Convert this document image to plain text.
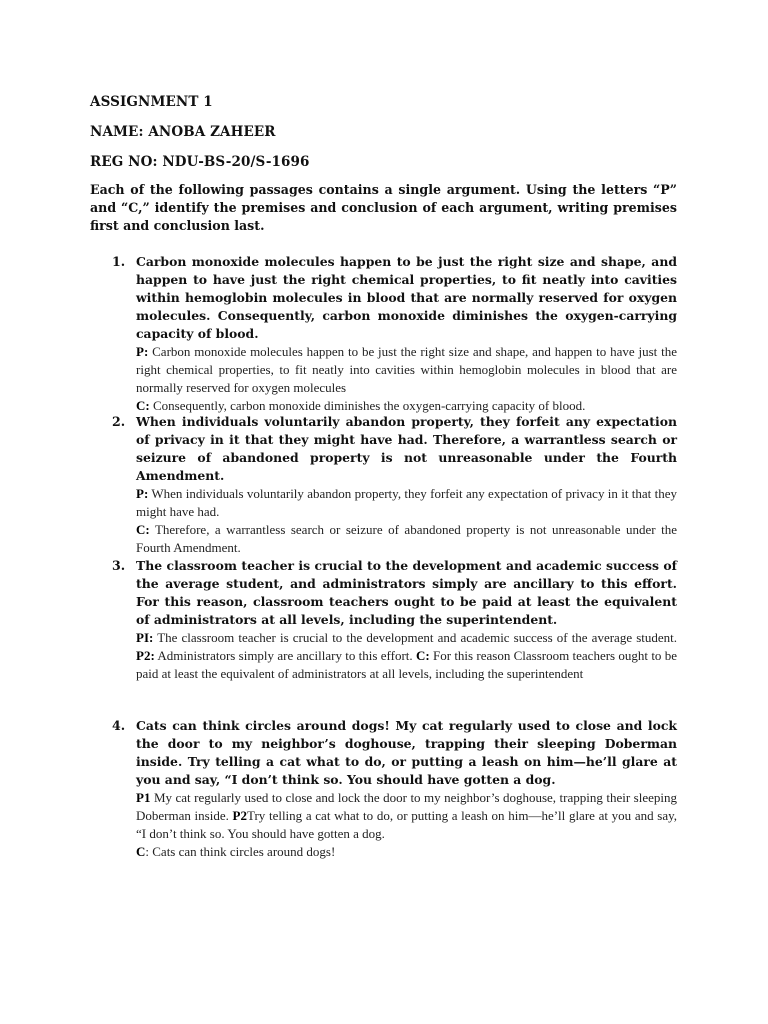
ASSIGNMENT 1
NAME: ANOBA ZAHEER
REG NO: NDU-BS-20/S-1696
Each of the following passages contains a single argument. Using the letters “P” and “C,” identify the premises and conclusion of each argument, writing premises first and conclusion last.
1. Carbon monoxide molecules happen to be just the right size and shape, and happen to have just the right chemical properties, to fit neatly into cavities within hemoglobin molecules in blood that are normally reserved for oxygen molecules. Consequently, carbon monoxide diminishes the oxygen-carrying capacity of blood.
P: Carbon monoxide molecules happen to be just the right size and shape, and happen to have just the right chemical properties, to fit neatly into cavities within hemoglobin molecules in blood that are normally reserved for oxygen molecules
C: Consequently, carbon monoxide diminishes the oxygen-carrying capacity of blood.
2. When individuals voluntarily abandon property, they forfeit any expectation of privacy in it that they might have had. Therefore, a warrantless search or seizure of abandoned property is not unreasonable under the Fourth Amendment.
P: When individuals voluntarily abandon property, they forfeit any expectation of privacy in it that they might have had.
C: Therefore, a warrantless search or seizure of abandoned property is not unreasonable under the Fourth Amendment.
3. The classroom teacher is crucial to the development and academic success of the average student, and administrators simply are ancillary to this effort. For this reason, classroom teachers ought to be paid at least the equivalent of administrators at all levels, including the superintendent.
PI: The classroom teacher is crucial to the development and academic success of the average student. P2: Administrators simply are ancillary to this effort. C: For this reason Classroom teachers ought to be paid at least the equivalent of administrators at all levels, including the superintendent
4. Cats can think circles around dogs! My cat regularly used to close and lock the door to my neighbor’s doghouse, trapping their sleeping Doberman inside. Try telling a cat what to do, or putting a leash on him—he’ll glare at you and say, “I don’t think so. You should have gotten a dog.
P1 My cat regularly used to close and lock the door to my neighbor’s doghouse, trapping their sleeping Doberman inside. P2Try telling a cat what to do, or putting a leash on him—he’ll glare at you and say, “I don’t think so. You should have gotten a dog.
C: Cats can think circles around dogs!
